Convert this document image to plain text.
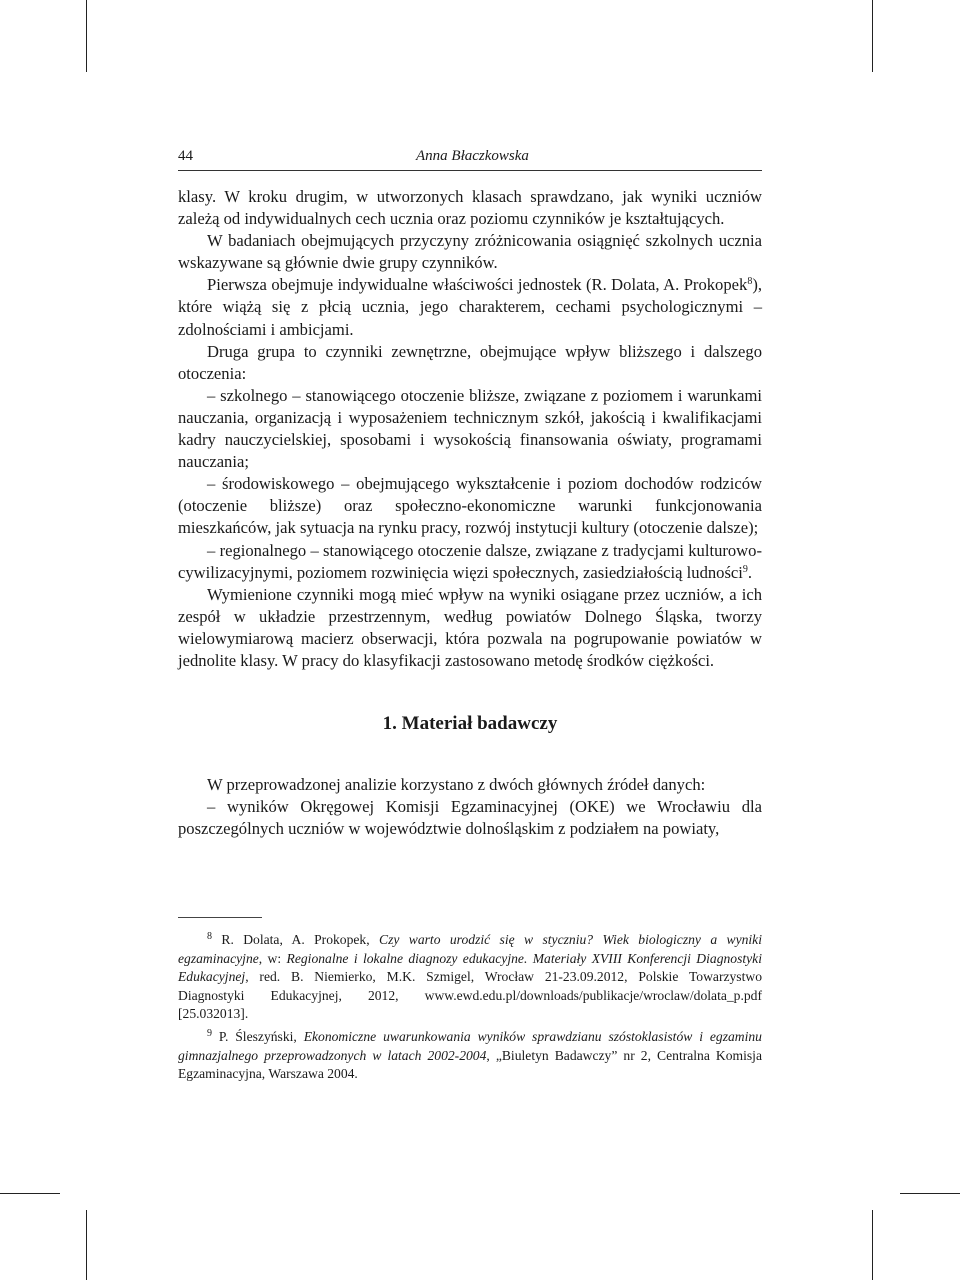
44	Anna Błaczkowska

klasy. W kroku drugim, w utworzonych klasach sprawdzano, jak wyniki uczniów zależą od indywidualnych cech ucznia oraz poziomu czynników je kształtujących.

W badaniach obejmujących przyczyny zróżnicowania osiągnięć szkolnych ucznia wskazywane są głównie dwie grupy czynników.

Pierwsza obejmuje indywidualne właściwości jednostek (R. Dolata, A. Prokopek$^8$), które wiążą się z płcią ucznia, jego charakterem, cechami psychologicznymi – zdolnościami i ambicjami.

Druga grupa to czynniki zewnętrzne, obejmujące wpływ bliższego i dalszego otoczenia:

– szkolnego – stanowiącego otoczenie bliższe, związane z poziomem i warunkami nauczania, organizacją i wyposażeniem technicznym szkół, jakością i kwalifikacjami kadry nauczycielskiej, sposobami i wysokością finansowania oświaty, programami nauczania;

– środowiskowego – obejmującego wykształcenie i poziom dochodów rodziców (otoczenie bliższe) oraz społeczno-ekonomiczne warunki funkcjonowania mieszkańców, jak sytuacja na rynku pracy, rozwój instytucji kultury (otoczenie dalsze);

– regionalnego – stanowiącego otoczenie dalsze, związane z tradycjami kulturowo-cywilizacyjnymi, poziomem rozwinięcia więzi społecznych, zasiedziałością ludności$^9$.

Wymienione czynniki mogą mieć wpływ na wyniki osiągane przez uczniów, a ich zespół w układzie przestrzennym, według powiatów Dolnego Śląska, tworzy wielowymiarową macierz obserwacji, która pozwala na pogrupowanie powiatów w jednolite klasy. W pracy do klasyfikacji zastosowano metodę środków ciężkości.

1. Materiał badawczy

W przeprowadzonej analizie korzystano z dwóch głównych źródeł danych:

– wyników Okręgowej Komisji Egzaminacyjnej (OKE) we Wrocławiu dla poszczególnych uczniów w województwie dolnośląskim z podziałem na powiaty,

$^8$ R. Dolata, A. Prokopek, Czy warto urodzić się w styczniu? Wiek biologiczny a wyniki egzaminacyjne, w: Regionalne i lokalne diagnozy edukacyjne. Materiały XVIII Konferencji Diagnostyki Edukacyjnej, red. B. Niemierko, M.K. Szmigel, Wrocław 21-23.09.2012, Polskie Towarzystwo Diagnostyki Edukacyjnej, 2012, www.ewd.edu.pl/downloads/publikacje/wroclaw/dolata_p.pdf [25.032013].

$^9$ P. Śleszyński, Ekonomiczne uwarunkowania wyników sprawdzianu szóstoklasistów i egzaminu gimnazjalnego przeprowadzonych w latach 2002-2004, „Biuletyn Badawczy” nr 2, Centralna Komisja Egzaminacyjna, Warszawa 2004.
